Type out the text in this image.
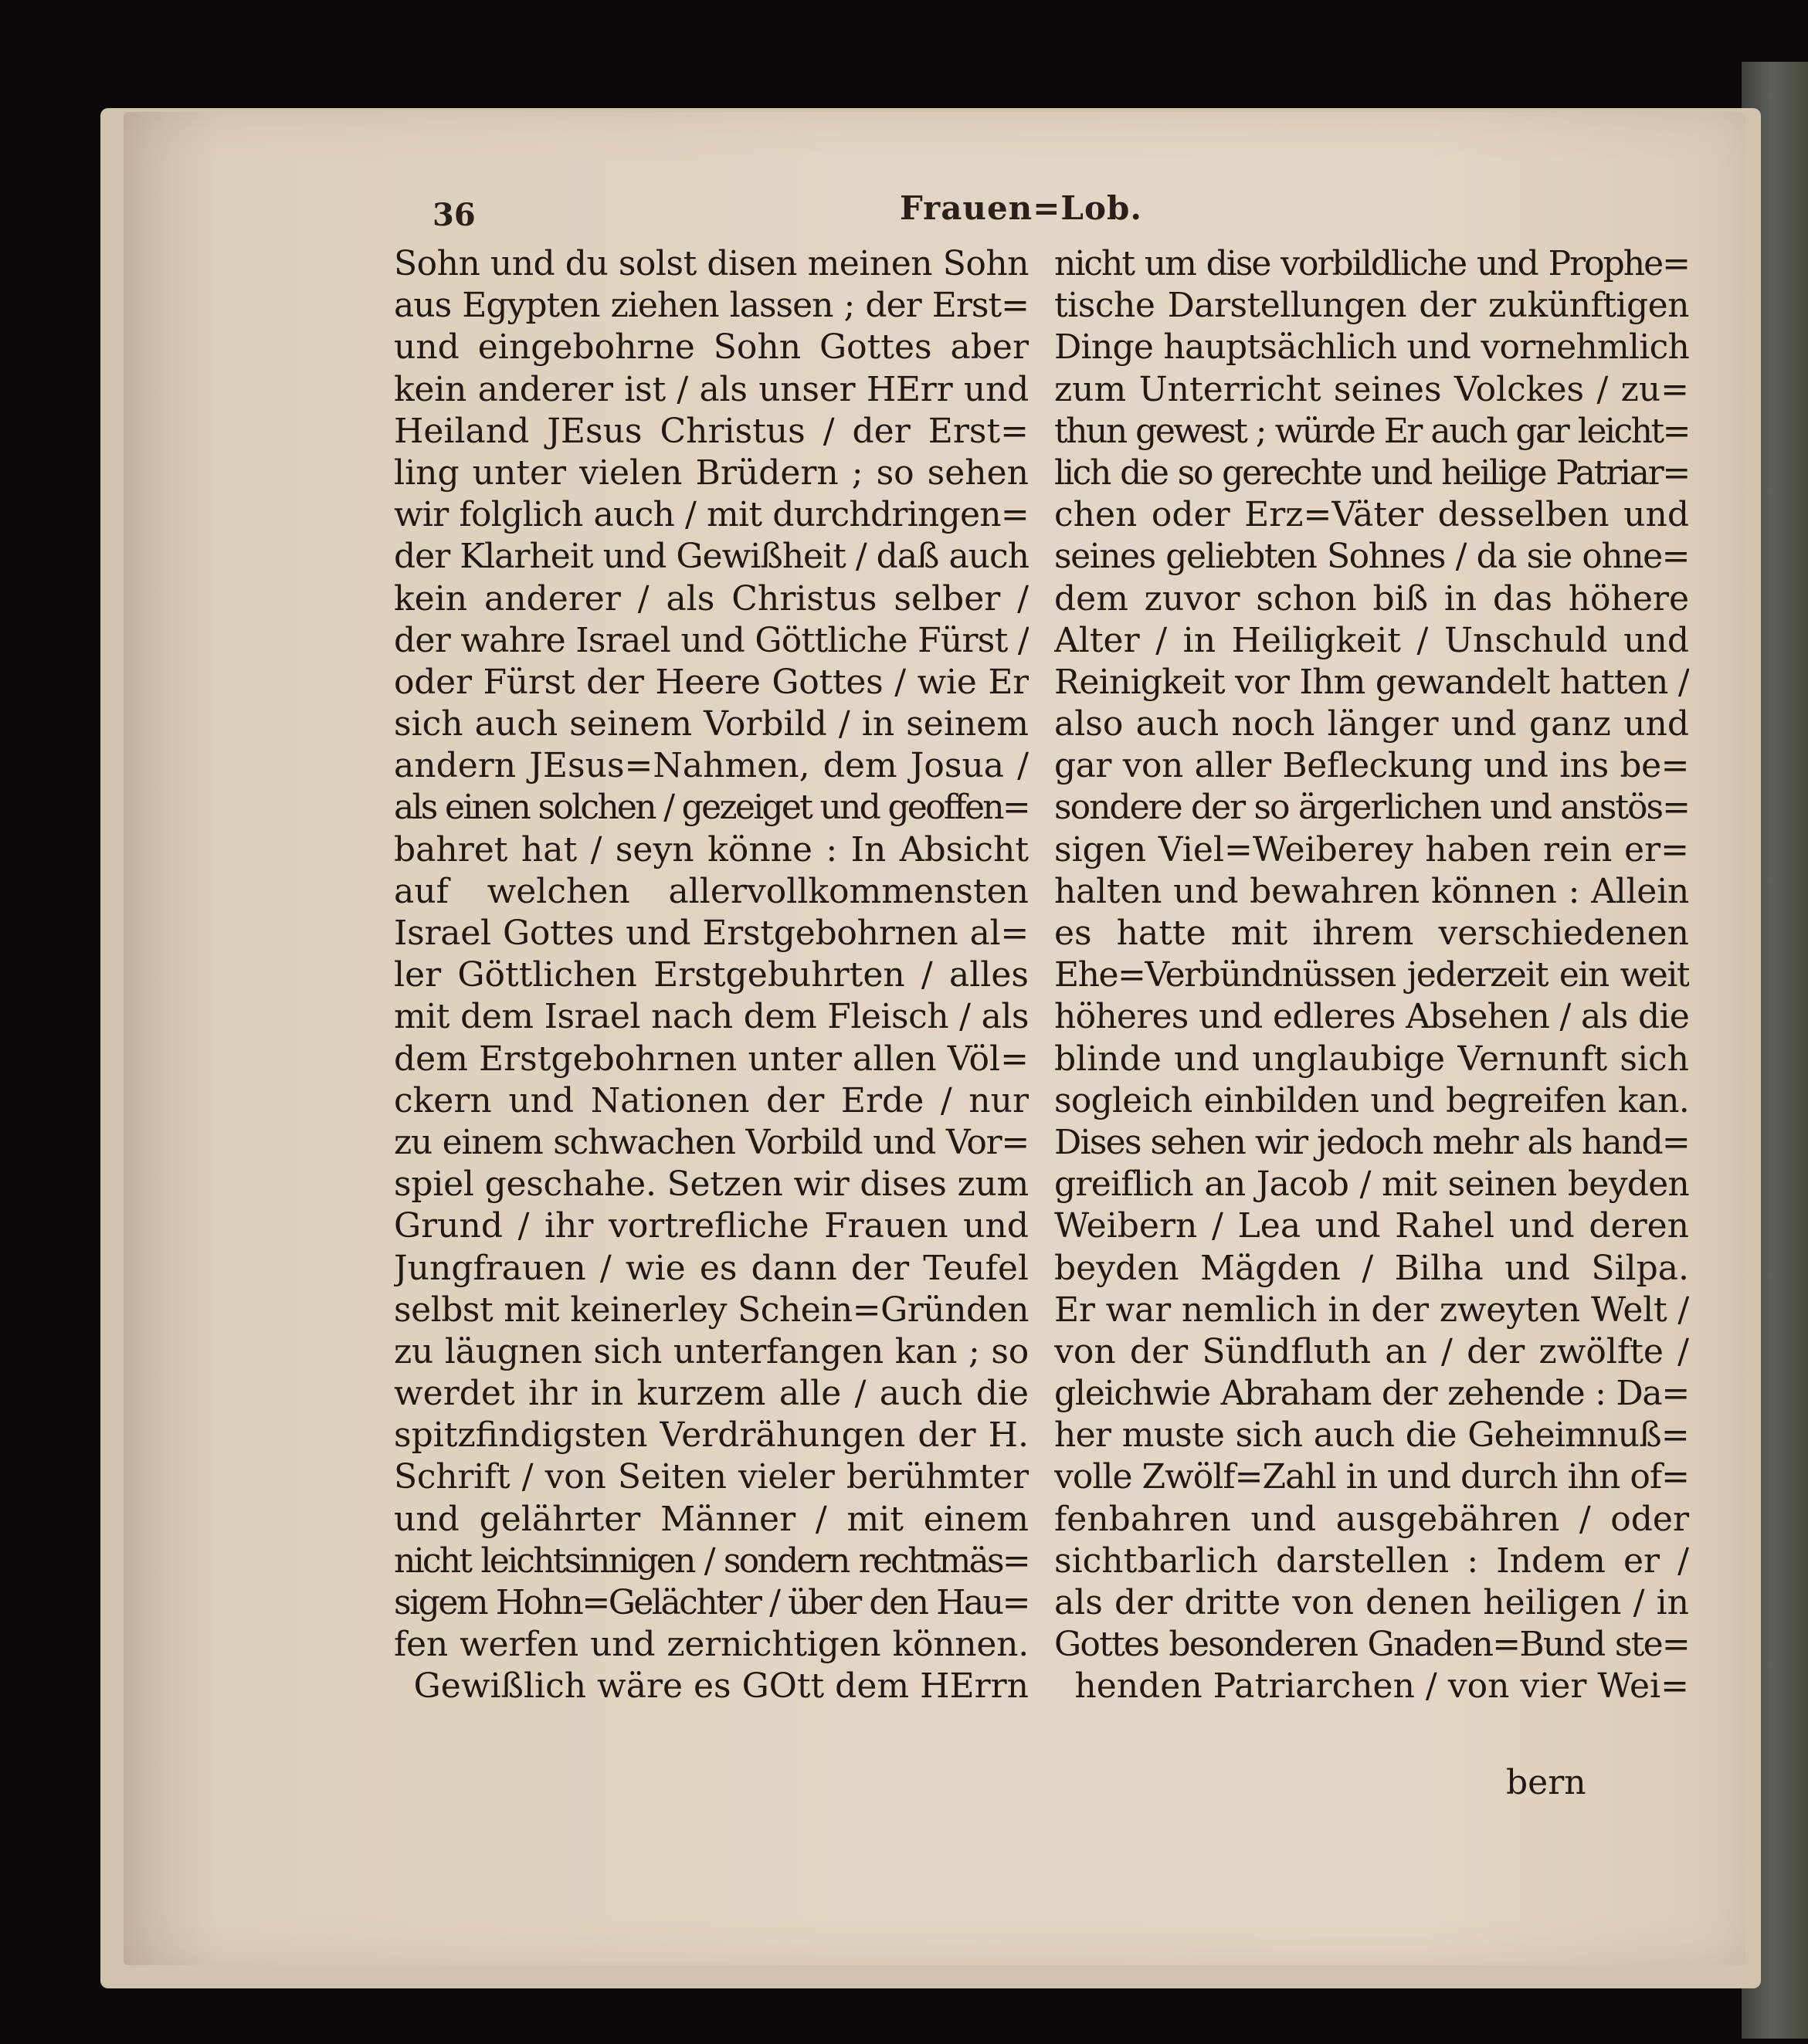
36	Frauen=Lob.
Sohn und du solst disen meinen Sohn
aus Egypten ziehen lassen ; der Erst=
und eingebohrne Sohn Gottes aber
kein anderer ist / als unser HErr und
Heiland JEsus Christus / der Erst=
ling unter vielen Brüdern ; so sehen
wir folglich auch / mit durchdringen=
der Klarheit und Gewißheit / daß auch
kein anderer / als Christus selber /
der wahre Israel und Göttliche Fürst /
oder Fürst der Heere Gottes / wie Er
sich auch seinem Vorbild / in seinem
andern JEsus=Nahmen, dem Josua /
als einen solchen / gezeiget und geoffen=
bahret hat / seyn könne : In Absicht
auf welchen allervollkommensten
Israel Gottes und Erstgebohrnen al=
ler Göttlichen Erstgebuhrten / alles
mit dem Israel nach dem Fleisch / als
dem Erstgebohrnen unter allen Völ=
ckern und Nationen der Erde / nur
zu einem schwachen Vorbild und Vor=
spiel geschahe. Setzen wir dises zum
Grund / ihr vortrefliche Frauen und
Jungfrauen / wie es dann der Teufel
selbst mit keinerley Schein=Gründen
zu läugnen sich unterfangen kan ; so
werdet ihr in kurzem alle / auch die
spitzfindigsten Verdrähungen der H.
Schrift / von Seiten vieler berühmter
und gelährter Männer / mit einem
nicht leichtsinnigen / sondern rechtmäs=
sigem Hohn=Gelächter / über den Hau=
fen werfen und zernichtigen können.
Gewißlich wäre es GOtt dem HErrn
nicht um dise vorbildliche und Prophe=
tische Darstellungen der zukünftigen
Dinge hauptsächlich und vornehmlich
zum Unterricht seines Volckes / zu=
thun gewest ; würde Er auch gar leicht=
lich die so gerechte und heilige Patriar=
chen oder Erz=Väter desselben und
seines geliebten Sohnes / da sie ohne=
dem zuvor schon biß in das höhere
Alter / in Heiligkeit / Unschuld und
Reinigkeit vor Ihm gewandelt hatten /
also auch noch länger und ganz und
gar von aller Befleckung und ins be=
sondere der so ärgerlichen und anstös=
sigen Viel=Weiberey haben rein er=
halten und bewahren können : Allein
es hatte mit ihrem verschiedenen
Ehe=Verbündnüssen jederzeit ein weit
höheres und edleres Absehen / als die
blinde und unglaubige Vernunft sich
sogleich einbilden und begreifen kan.
Dises sehen wir jedoch mehr als hand=
greiflich an Jacob / mit seinen beyden
Weibern / Lea und Rahel und deren
beyden Mägden / Bilha und Silpa.
Er war nemlich in der zweyten Welt /
von der Sündfluth an / der zwölfte /
gleichwie Abraham der zehende : Da=
her muste sich auch die Geheimnuß=
volle Zwölf=Zahl in und durch ihn of=
fenbahren und ausgebähren / oder
sichtbarlich darstellen : Indem er /
als der dritte von denen heiligen / in
Gottes besonderen Gnaden=Bund ste=
henden Patriarchen / von vier Wei=
bern
